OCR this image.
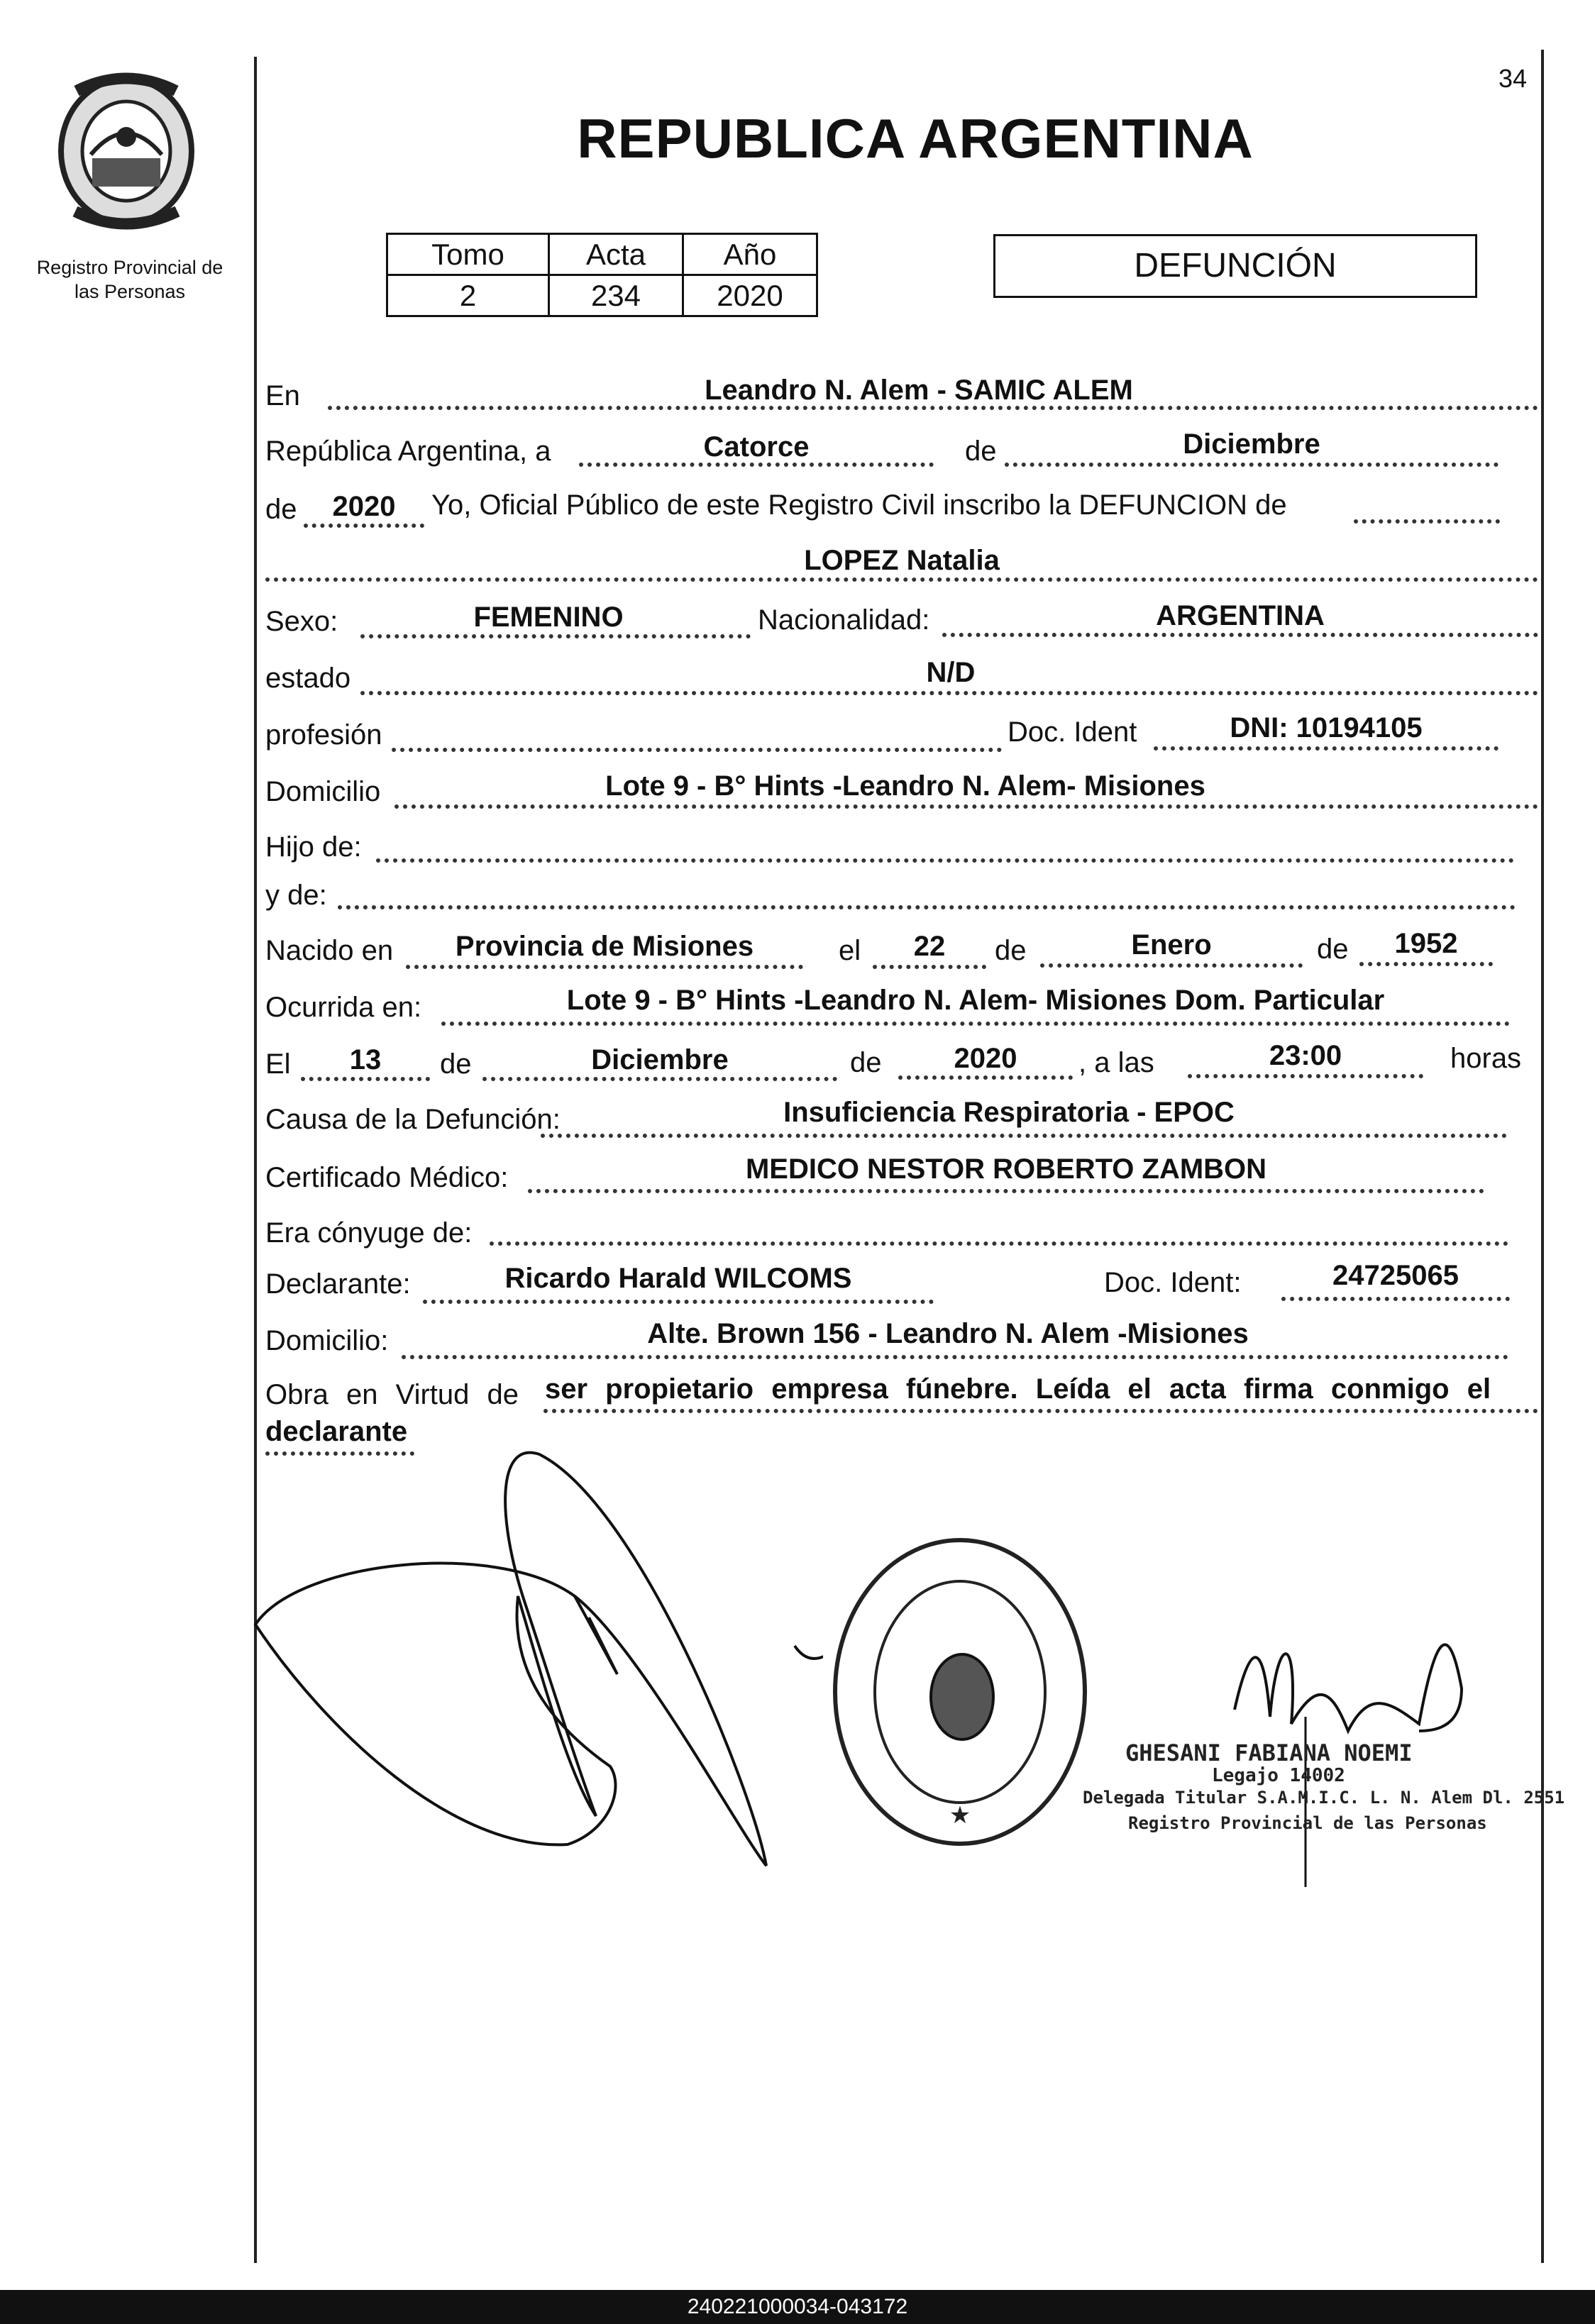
34
Registro Provincial de
las Personas
REPUBLICA ARGENTINA
Tomo	Acta	Año
2	234	2020
DEFUNCIÓN
En	Leandro N. Alem - SAMIC ALEM
República Argentina, a	Catorce	de	Diciembre
de	2020	Yo, Oficial Público de este Registro Civil inscribo la DEFUNCION de
LOPEZ Natalia
Sexo:	FEMENINO	Nacionalidad:	ARGENTINA
estado	N/D
profesión	Doc. Ident	DNI: 10194105
Domicilio	Lote 9 - B° Hints -Leandro N. Alem- Misiones
Hijo de:
y de:
Nacido en	Provincia de Misiones	el	22	de	Enero	de	1952
Ocurrida en:	Lote 9 - B° Hints -Leandro N. Alem- Misiones Dom. Particular
El	13	de	Diciembre	de	2020	, a las	23:00	horas
Causa de la Defunción:	Insuficiencia Respiratoria - EPOC
Certificado Médico:	MEDICO NESTOR ROBERTO ZAMBON
Era cónyuge de:
Declarante:	Ricardo Harald WILCOMS	Doc. Ident:	24725065
Domicilio:	Alte. Brown 156 - Leandro N. Alem -Misiones
Obra en Virtud de ser propietario empresa fúnebre. Leída el acta firma conmigo el
declarante
★
GHESANI FABIANA NOEMI
Legajo 14002
Delegada Titular S.A.M.I.C. L. N. Alem Dl. 2551
Registro Provincial de las Personas
240221000034-043172
